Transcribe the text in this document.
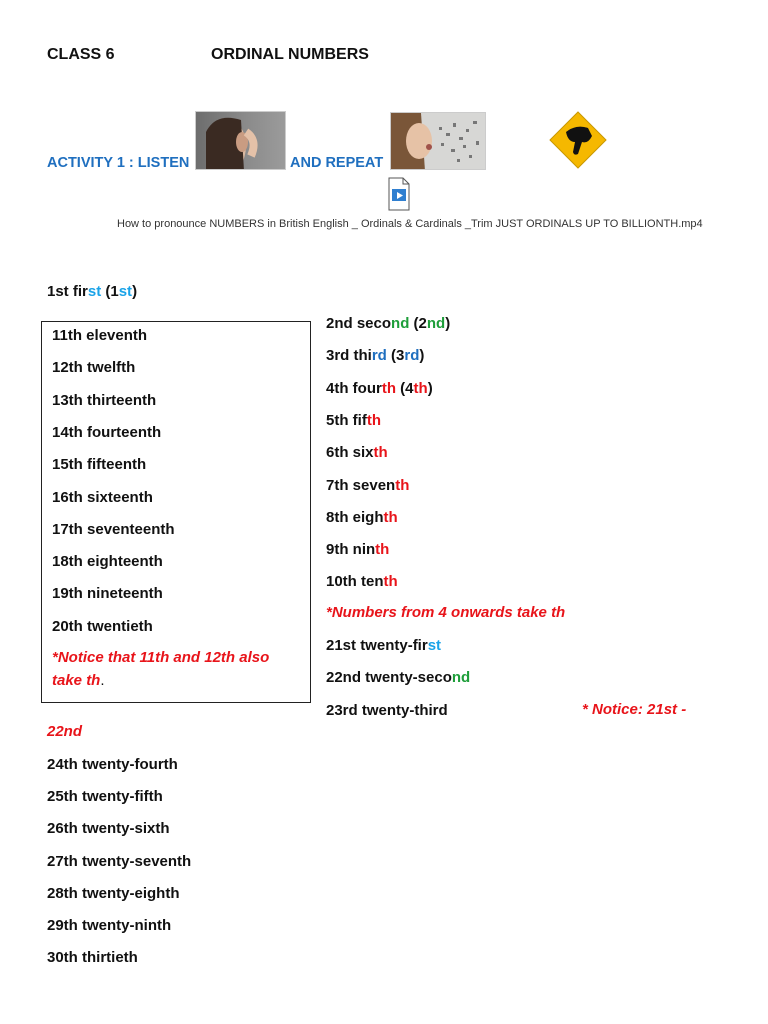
CLASS 6	ORDINAL NUMBERS
ACTIVITY 1 : LISTEN	AND REPEAT
How to pronounce NUMBERS in British English _ Ordinals & Cardinals _Trim JUST ORDINALS UP TO BILLIONTH.mp4
1st first (1st)
11th eleventh
12th twelfth
13th thirteenth
14th fourteenth
15th fifteenth
16th sixteenth
17th seventeenth
18th eighteenth
19th nineteenth
20th twentieth
*Notice that 11th and 12th also
take th.
2nd second (2nd)
3rd third (3rd)
4th fourth (4th)
5th fifth
6th sixth
7th seventh
8th eighth
9th ninth
10th tenth
*Numbers from 4 onwards take th
21st twenty-first
22nd twenty-second
23rd twenty-third	* Notice: 21st -
22nd
24th twenty-fourth
25th twenty-fifth
26th twenty-sixth
27th twenty-seventh
28th twenty-eighth
29th twenty-ninth
30th thirtieth
